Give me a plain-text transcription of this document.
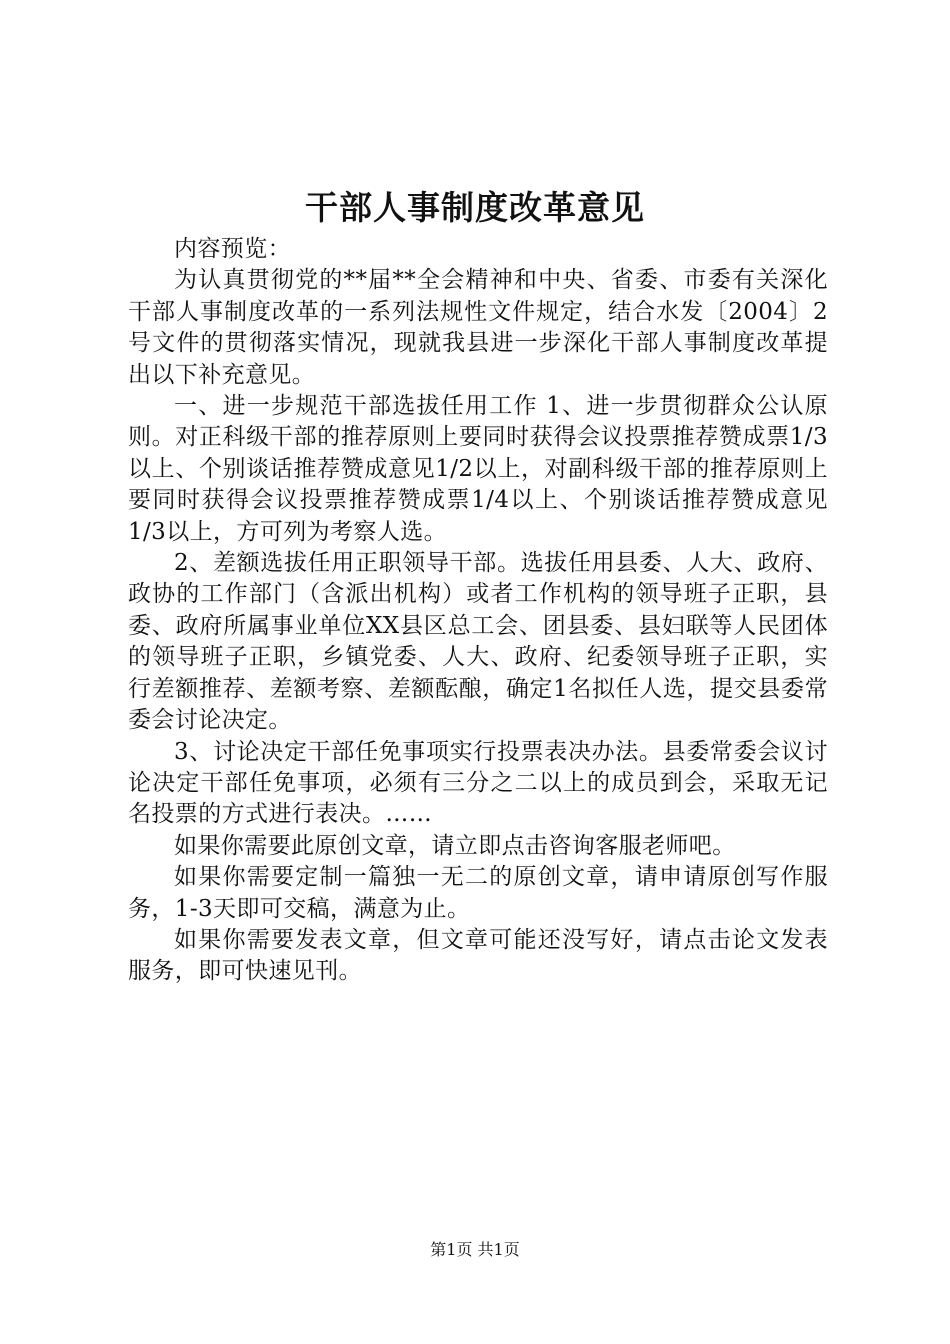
干部人事制度改革意见

内容预览：

为认真贯彻党的**届**全会精神和中央、省委、市委有关深化干部人事制度改革的一系列法规性文件规定，结合水发〔2004〕2号文件的贯彻落实情况，现就我县进一步深化干部人事制度改革提出以下补充意见。

一、进一步规范干部选拔任用工作 1、进一步贯彻群众公认原则。对正科级干部的推荐原则上要同时获得会议投票推荐赞成票1/3以上、个别谈话推荐赞成意见1/2以上，对副科级干部的推荐原则上要同时获得会议投票推荐赞成票1/4以上、个别谈话推荐赞成意见1/3以上，方可列为考察人选。

2、差额选拔任用正职领导干部。选拔任用县委、人大、政府、政协的工作部门（含派出机构）或者工作机构的领导班子正职，县委、政府所属事业单位XX县区总工会、团县委、县妇联等人民团体的领导班子正职，乡镇党委、人大、政府、纪委领导班子正职，实行差额推荐、差额考察、差额酝酿，确定1名拟任人选，提交县委常委会讨论决定。

3、讨论决定干部任免事项实行投票表决办法。县委常委会议讨论决定干部任免事项，必须有三分之二以上的成员到会，采取无记名投票的方式进行表决。……

如果你需要此原创文章，请立即点击咨询客服老师吧。

如果你需要定制一篇独一无二的原创文章，请申请原创写作服务，1-3天即可交稿，满意为止。

如果你需要发表文章，但文章可能还没写好，请点击论文发表服务，即可快速见刊。

第1页 共1页
